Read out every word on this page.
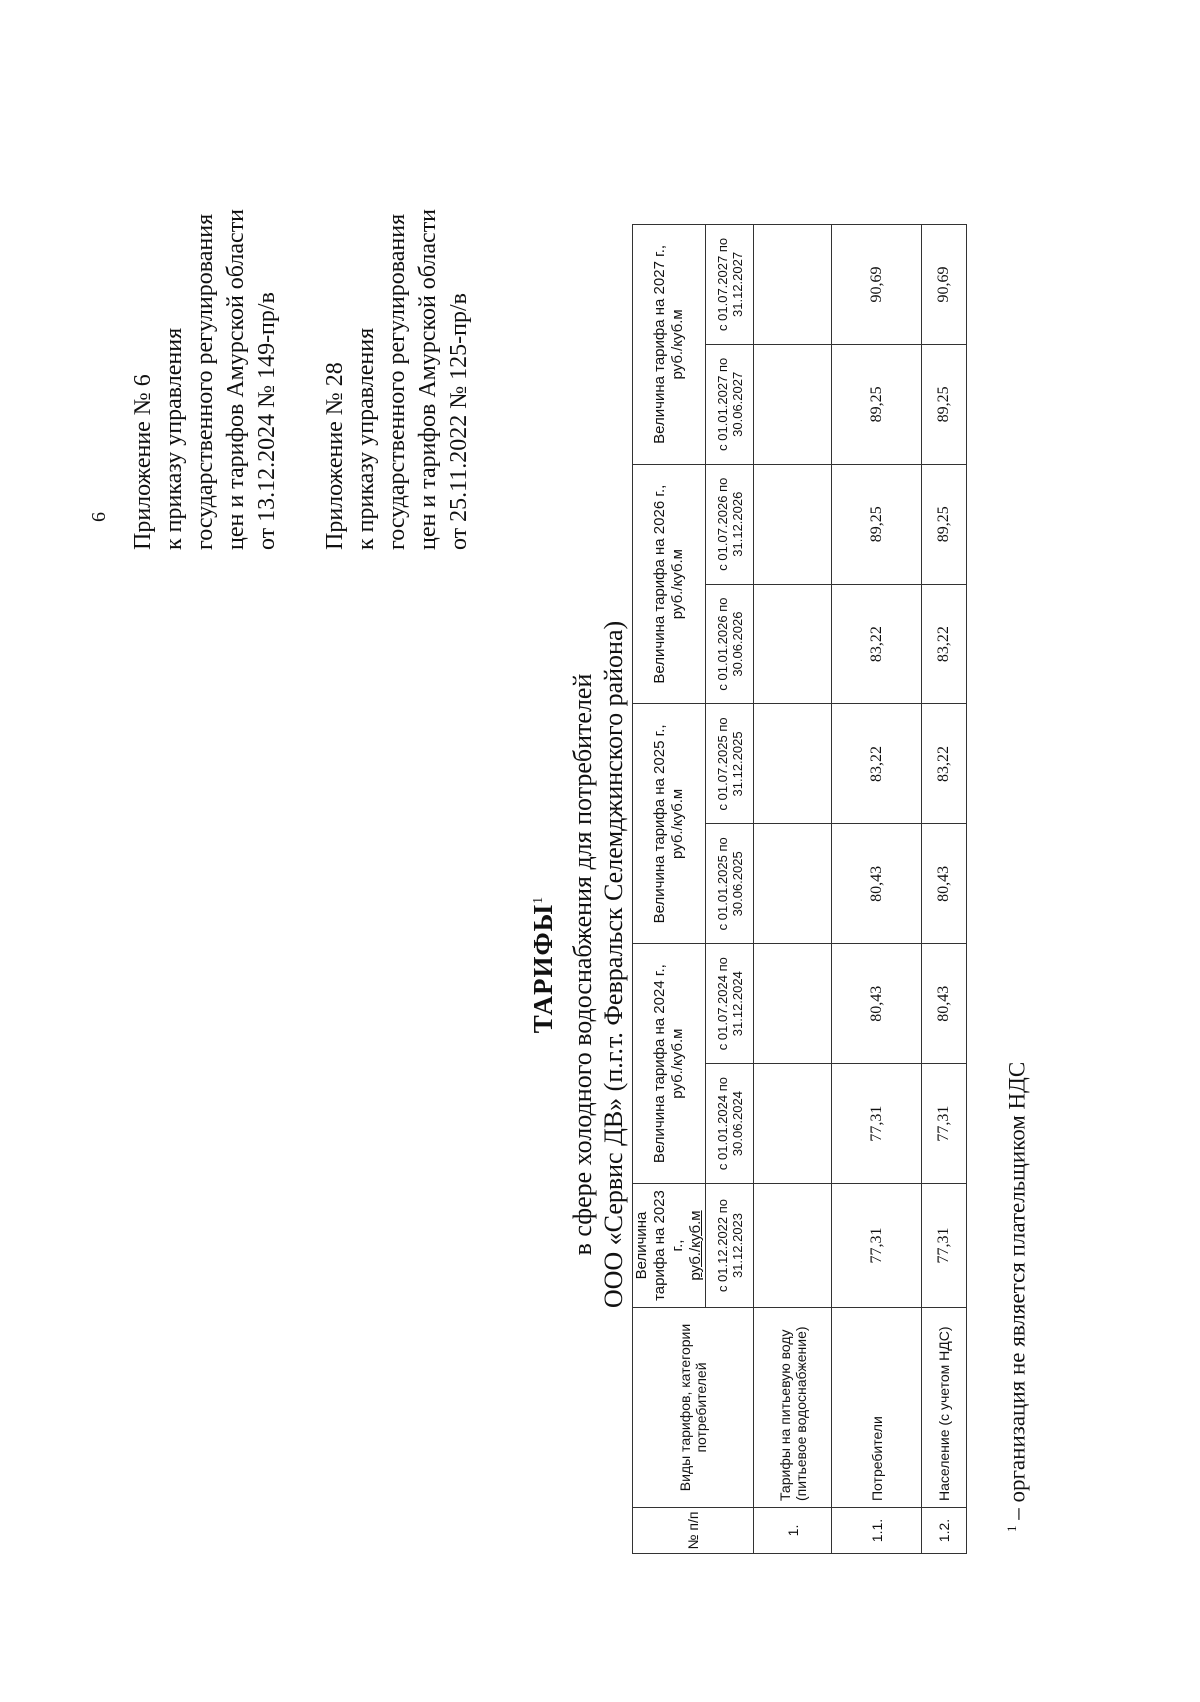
6 Приложение № 6 к приказу управления государственного регулирования цен и тарифов Амурской области от 13.12.2024 № 149-пр/в Приложение № 28 к приказу управления государственного регулирования цен и тарифов Амурской области от 25.11.2022 № 125-пр/в
ТАРИФЫ$^1$ в сфере холодного водоснабжения для потребителей ООО «Сервис ДВ» (п.г.т. Февральск Селемджинского района)
№ п/п	Виды тарифов, категории потребителей	Величина тарифа на 2023 г., руб./куб.м	Величина тарифа на 2024 г., руб./куб.м		Величина тарифа на 2025 г., руб./куб.м		Величина тарифа на 2026 г., руб./куб.м		Величина тарифа на 2027 г., руб./куб.м	
		с 01.12.2022 по 31.12.2023	с 01.01.2024 по 30.06.2024	с 01.07.2024 по 31.12.2024	с 01.01.2025 по 30.06.2025	с 01.07.2025 по 31.12.2025	с 01.01.2026 по 30.06.2026	с 01.07.2026 по 31.12.2026	с 01.01.2027 по 30.06.2027	с 01.07.2027 по 31.12.2027
1.	Тарифы на питьевую воду (питьевое водоснабжение)									
1.1.	Потребители	77,31	77,31	80,43	80,43	83,22	83,22	89,25	89,25	90,69
1.2.	Население (с учетом НДС)	77,31	77,31	80,43	80,43	83,22	83,22	89,25	89,25	90,69
$^1$ – организация не является плательщиком НДС
